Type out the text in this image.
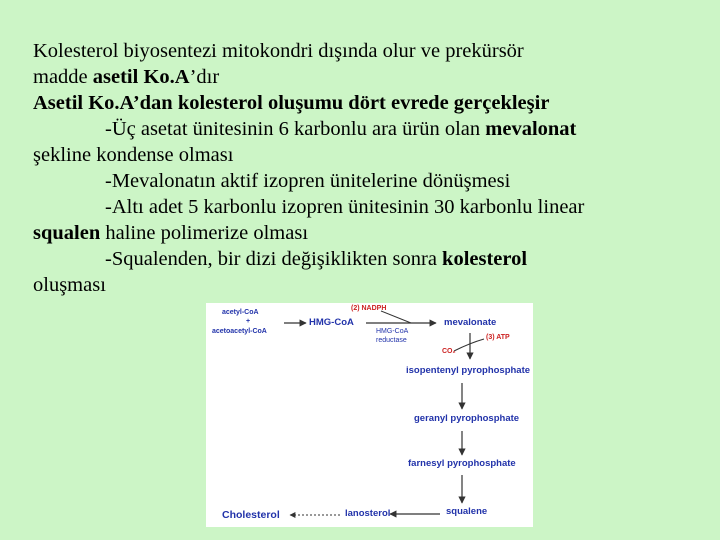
Kolesterol biyosentezi mitokondri dışında olur ve prekürsör
madde asetil Ko.A’dır
Asetil Ko.A’dan kolesterol oluşumu dört evrede gerçekleşir
-Üç asetat ünitesinin 6 karbonlu ara ürün olan mevalonat
şekline kondense olması
-Mevalonatın aktif izopren ünitelerine dönüşmesi
-Altı adet 5 karbonlu izopren ünitesinin 30 karbonlu linear
squalen haline polimerize olması
-Squalenden, bir dizi değişiklikten sonra kolesterol
oluşması
acetyl-CoA
+
acetoacetyl-CoA
HMG-CoA
(2) NADPH
HMG-CoA
reductase
mevalonate
(3) ATP
CO₂
isopentenyl pyrophosphate
geranyl pyrophosphate
farnesyl pyrophosphate
squalene
lanosterol
Cholesterol
